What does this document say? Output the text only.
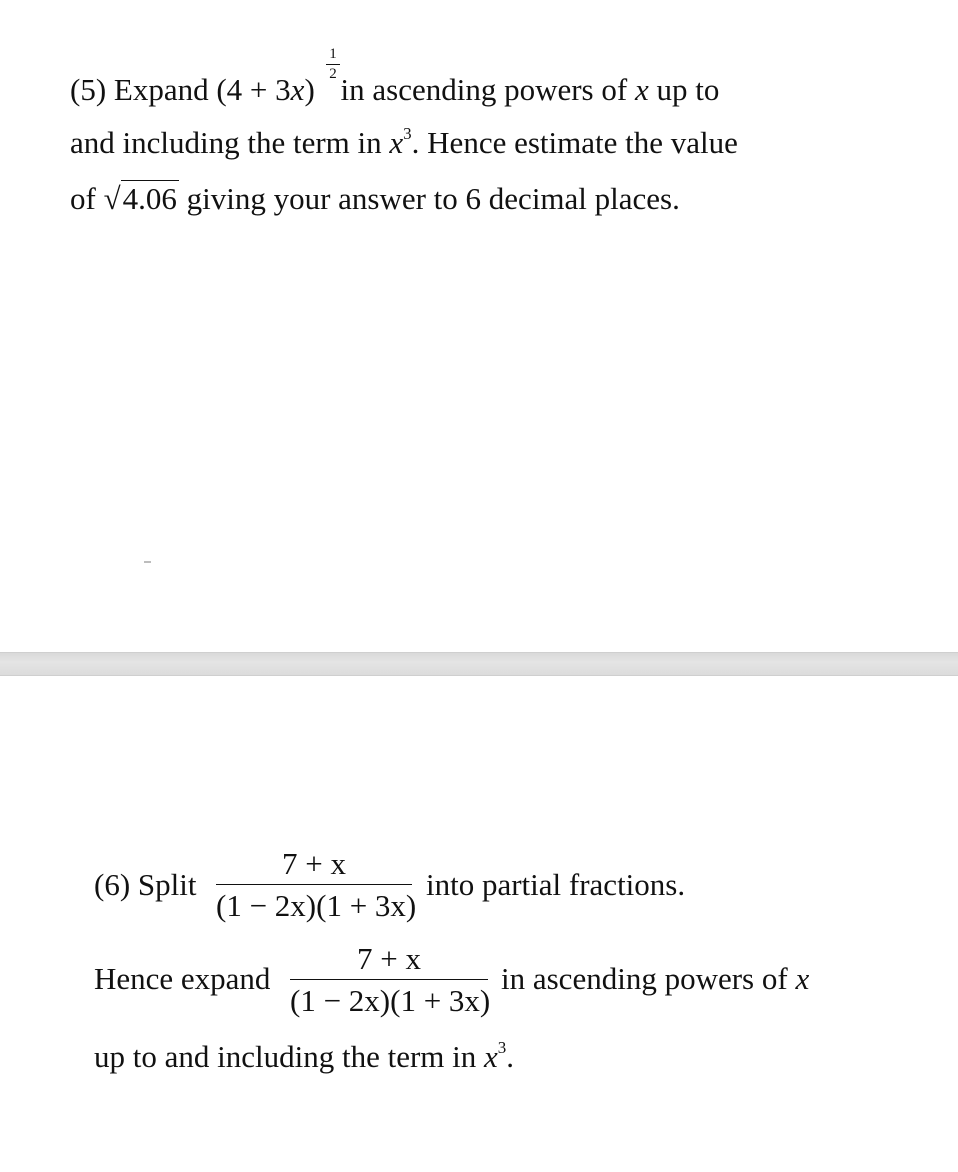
(5) Expand (4 + 3x) in ascending powers of x up to
1
2
and including the term in $x^3$. Hence estimate the value
of √4.06 giving your answer to 6 decimal places.
(6) Split
7 + x
(1 − 2x)(1 + 3x)
into partial fractions.
Hence expand
7 + x
(1 − 2x)(1 + 3x)
in ascending powers of x
up to and including the term in $x^3$.
